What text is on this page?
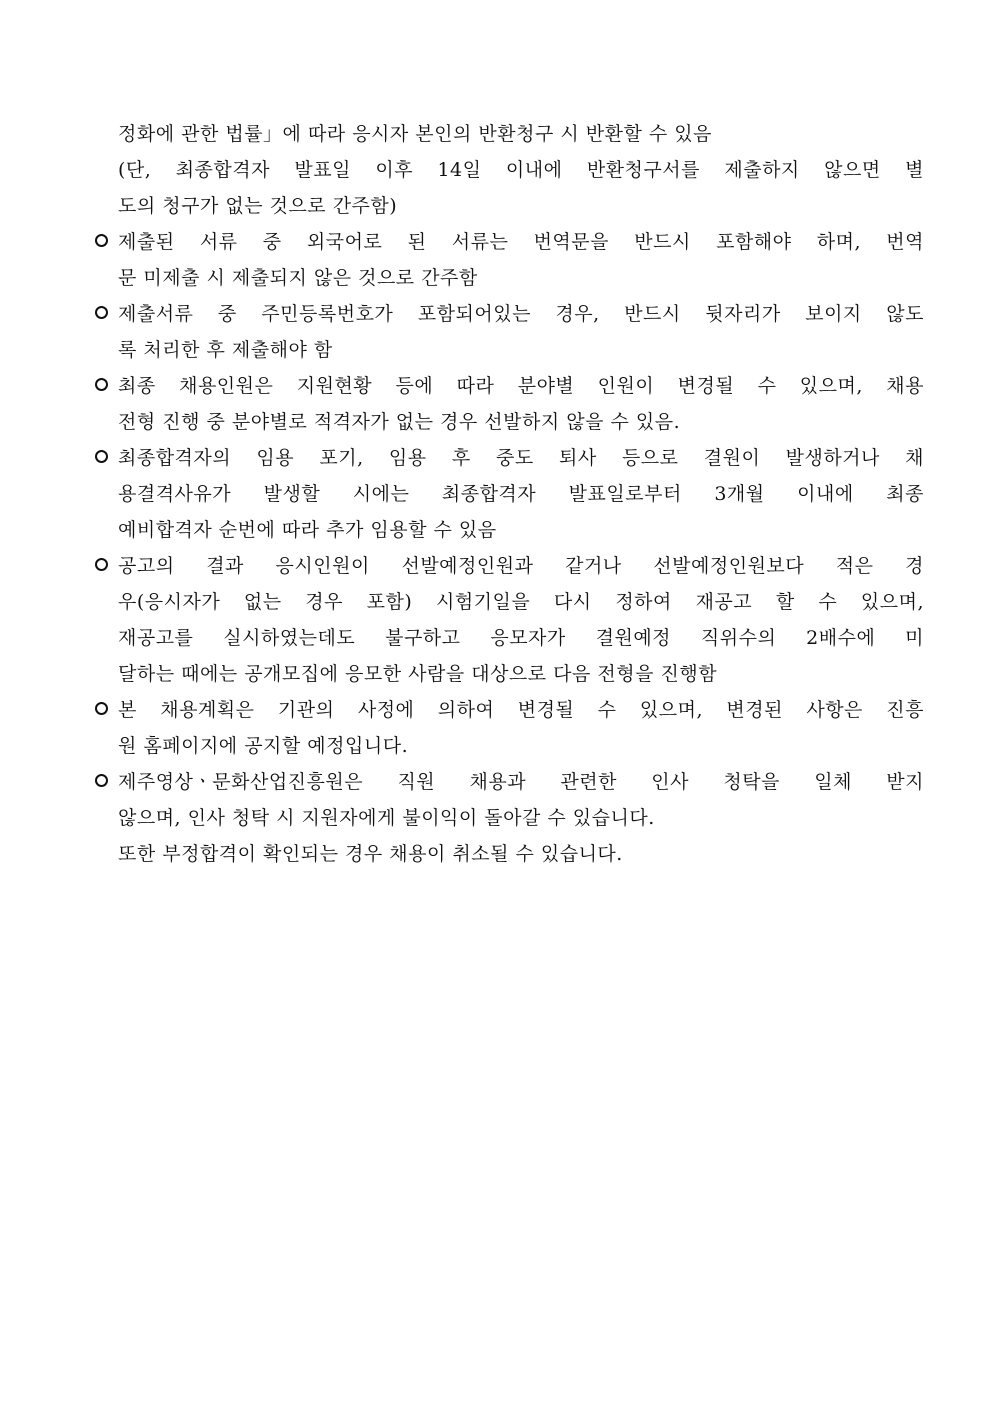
정화에 관한 법률」에 따라 응시자 본인의 반환청구 시 반환할 수 있음

(단, 최종합격자 발표일 이후 14일 이내에 반환청구서를 제출하지 않으면 별

도의 청구가 없는 것으로 간주함)

제출된 서류 중 외국어로 된 서류는 번역문을 반드시 포함해야 하며, 번역

문 미제출 시 제출되지 않은 것으로 간주함

제출서류 중 주민등록번호가 포함되어있는 경우, 반드시 뒷자리가 보이지 않도

록 처리한 후 제출해야 함

최종 채용인원은 지원현황 등에 따라 분야별 인원이 변경될 수 있으며, 채용

전형 진행 중 분야별로 적격자가 없는 경우 선발하지 않을 수 있음.

최종합격자의 임용 포기, 임용 후 중도 퇴사 등으로 결원이 발생하거나 채

용결격사유가 발생할 시에는 최종합격자 발표일로부터 3개월 이내에 최종

예비합격자 순번에 따라 추가 임용할 수 있음

공고의 결과 응시인원이 선발예정인원과 같거나 선발예정인원보다 적은 경

우(응시자가 없는 경우 포함) 시험기일을 다시 정하여 재공고 할 수 있으며,

재공고를 실시하였는데도 불구하고 응모자가 결원예정 직위수의 2배수에 미

달하는 때에는 공개모집에 응모한 사람을 대상으로 다음 전형을 진행함

본 채용계획은 기관의 사정에 의하여 변경될 수 있으며, 변경된 사항은 진흥

원 홈페이지에 공지할 예정입니다.

제주영상ㆍ문화산업진흥원은 직원 채용과 관련한 인사 청탁을 일체 받지

않으며, 인사 청탁 시 지원자에게 불이익이 돌아갈 수 있습니다.

또한 부정합격이 확인되는 경우 채용이 취소될 수 있습니다.
